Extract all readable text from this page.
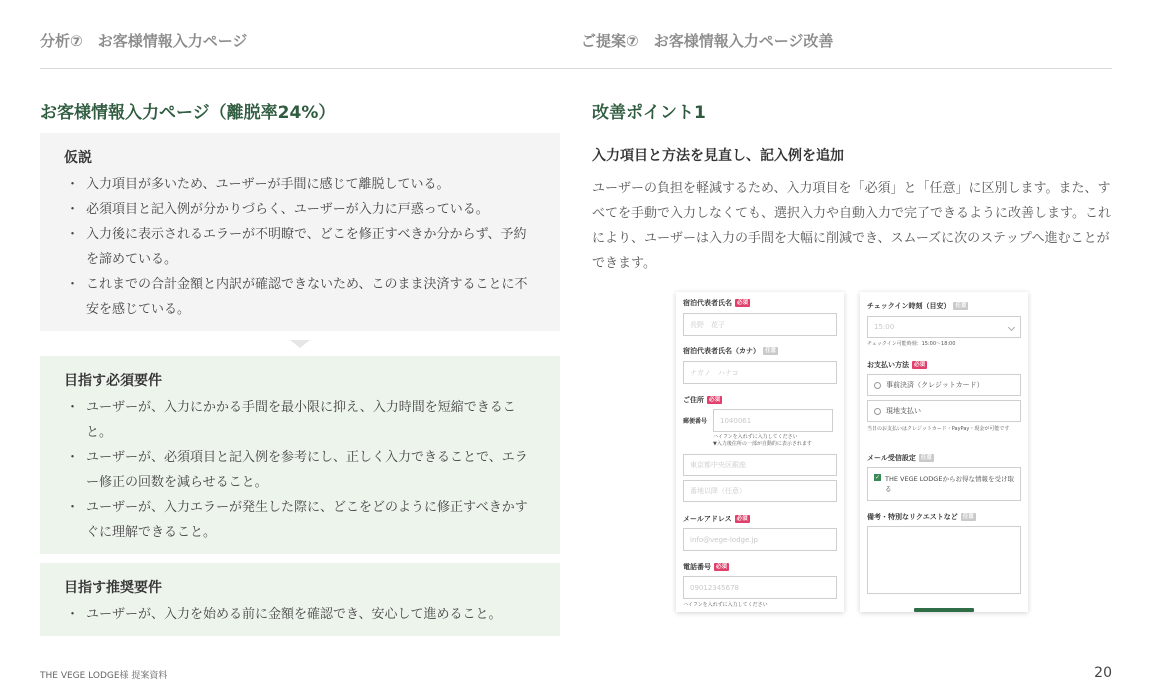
分析⑦　お客様情報入力ページ	ご提案⑦　お客様情報入力ページ改善
お客様情報入力ページ（離脱率24%）
仮説
・ 入力項目が多いため、ユーザーが手間に感じて離脱している。
・ 必須項目と記入例が分かりづらく、ユーザーが入力に戸惑っている。
・ 入力後に表示されるエラーが不明瞭で、どこを修正すべきか分からず、予約を諦めている。
・ これまでの合計金額と内訳が確認できないため、このまま決済することに不安を感じている。
目指す必須要件
・ ユーザーが、入力にかかる手間を最小限に抑え、入力時間を短縮できること。
・ ユーザーが、必須項目と記入例を参考にし、正しく入力できることで、エラー修正の回数を減らせること。
・ ユーザーが、入力エラーが発生した際に、どこをどのように修正すべきかすぐに理解できること。
目指す推奨要件
・ ユーザーが、入力を始める前に金額を確認でき、安心して進めること。
改善ポイント1
入力項目と方法を見直し、記入例を追加
ユーザーの負担を軽減するため、入力項目を「必須」と「任意」に区別します。また、すべてを手動で入力しなくても、選択入力や自動入力で完了できるように改善します。これにより、ユーザーは入力の手間を大幅に削減でき、スムーズに次のステップへ進むことができます。
宿泊代表者氏名 必須
長野　花子
宿泊代表者氏名（カナ） 任意
ナガノ　ハナコ
ご住所 必須
郵便番号	1040061
ハイフンを入れずに入力してください
▼入力後住所の一部が自動的に表示されます
東京都中央区銀座
番地以降（任意）
メールアドレス 必須
info@vege-lodge.jp
電話番号 必須
09012345678
ハイフンを入れずに入力してください
チェックイン時刻（目安） 任意
15:00
チェックイン可能時刻：15:00〜18:00
お支払い方法 必須
事前決済（クレジットカード）
現地支払い
当日のお支払いはクレジットカード・PayPay・現金が可能です
メール受信設定 任意
✓ THE VEGE LODGEからお得な情報を受け取る
備考・特別なリクエストなど 任意
THE VEGE LODGE様 提案資料	20
